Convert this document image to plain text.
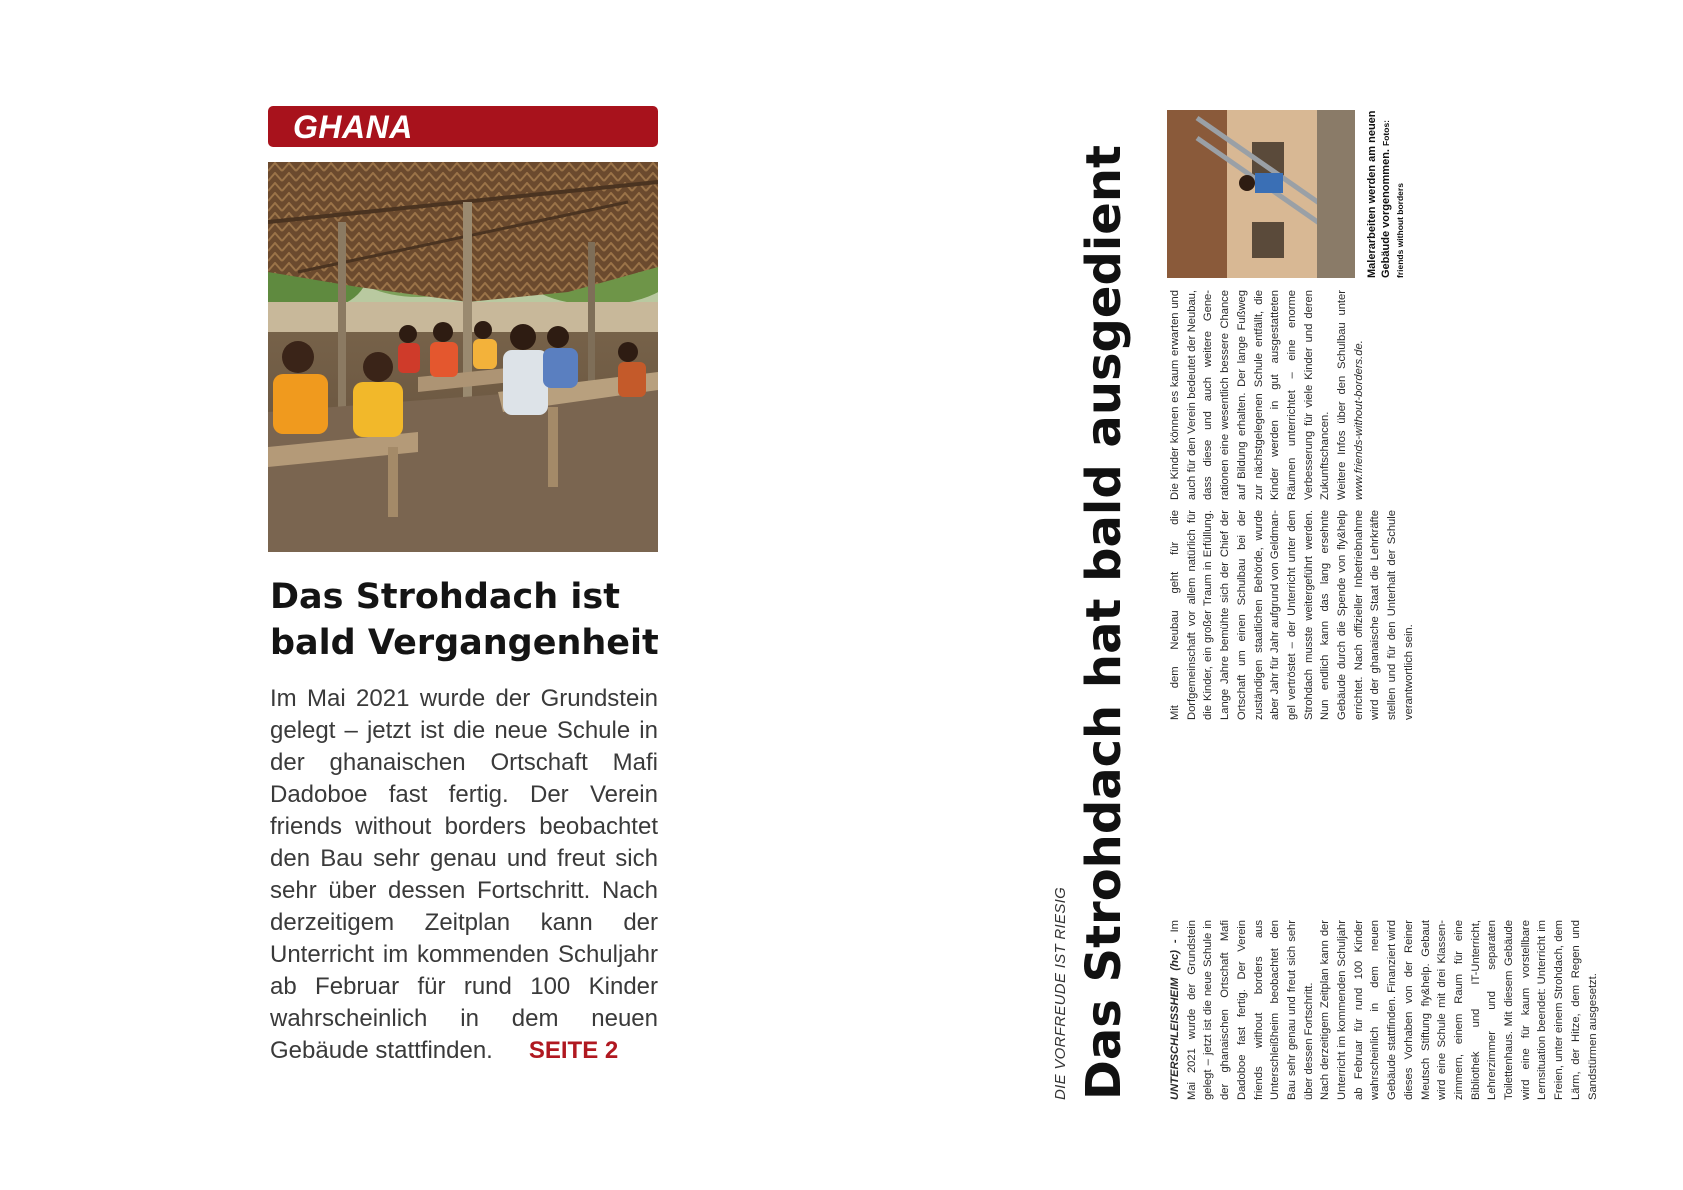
GHANA
Das Strohdach ist
bald Vergangenheit

Im Mai 2021 wurde der Grundstein gelegt – jetzt ist die neue Schule in der ghanaischen Ortschaft Mafi Dadoboe fast fertig. Der Verein friends without borders beobachtet den Bau sehr genau und freut sich sehr über dessen Fortschritt. Nach derzeitigem Zeitplan kann der Unterricht im kommenden Schuljahr ab Februar für rund 100 Kinder wahrscheinlich in dem neuen Gebäude stattfinden. SEITE 2	DIE VORFREUDE IST RIESIG Das Strohdach hat bald ausgedient	UNTERSCHLEISSHEIM (hc) - Im Mai 2021 wurde der Grundstein gelegt – jetzt ist die neue Schule in der ghanaischen Ortschaft Mafi Dadoboe fast fertig. Der Verein friends without borders aus Unterschleißheim beobachtet den Bau sehr genau und freut sich sehr über dessen Fortschritt. Nach derzeitigem Zeitplan kann der Unterricht im kommenden Schuljahr ab Februar für rund 100 Kinder wahrscheinlich in dem neuen Gebäude stattfinden. Finanziert wird dieses Vorhaben von der Reiner Meutsch Stiftung fly&help. Gebaut wird eine Schule mit drei Klassenzimmern, einem Raum für eine Bibliothek und IT-Unterricht, Lehrerzimmer und separaten Toilettenhaus. Mit diesem Gebäude wird eine für kaum vorstellbare Lernsituation beendet: Unterricht im Freien, unter einem Strohdach, dem Lärm, der Hitze, dem Regen und Sandstürmen ausgesetzt.

Mit dem Neubau geht für die Dorfgemeinschaft vor allem natürlich für die Kinder, ein großer Traum in Erfüllung. Lange Jahre bemühte sich der Chief der Ortschaft um einen Schulbau bei der zuständigen staatlichen Behörde, wurde aber Jahr für Jahr aufgrund von Geldmangel vertröstet – der Unterricht unter dem Strohdach musste weitergeführt werden. Nun endlich kann das lang ersehnte Gebäude durch die Spende von fly&help errichtet. Nach offizieller Inbetriebnahme wird der ghanaische Staat die Lehrkräfte stellen und für den Unterhalt der Schule verantwortlich sein.

Die Kinder können es kaum erwarten und auch für den Verein bedeutet der Neubau, dass diese und auch weitere Generationen eine wesentlich bessere Chance auf Bildung erhalten. Der lange Fußweg zur nächstgelegenen Schule entfällt, die Kinder werden in gut ausgestatteten Räumen unterrichtet – eine enorme Verbesserung für viele Kinder und deren Zukunftschancen. Weitere Infos über den Schulbau unter www.friends-without-borders.de.

Malerarbeiten werden am neuen Gebäude vorgenommen. Fotos: friends without borders
